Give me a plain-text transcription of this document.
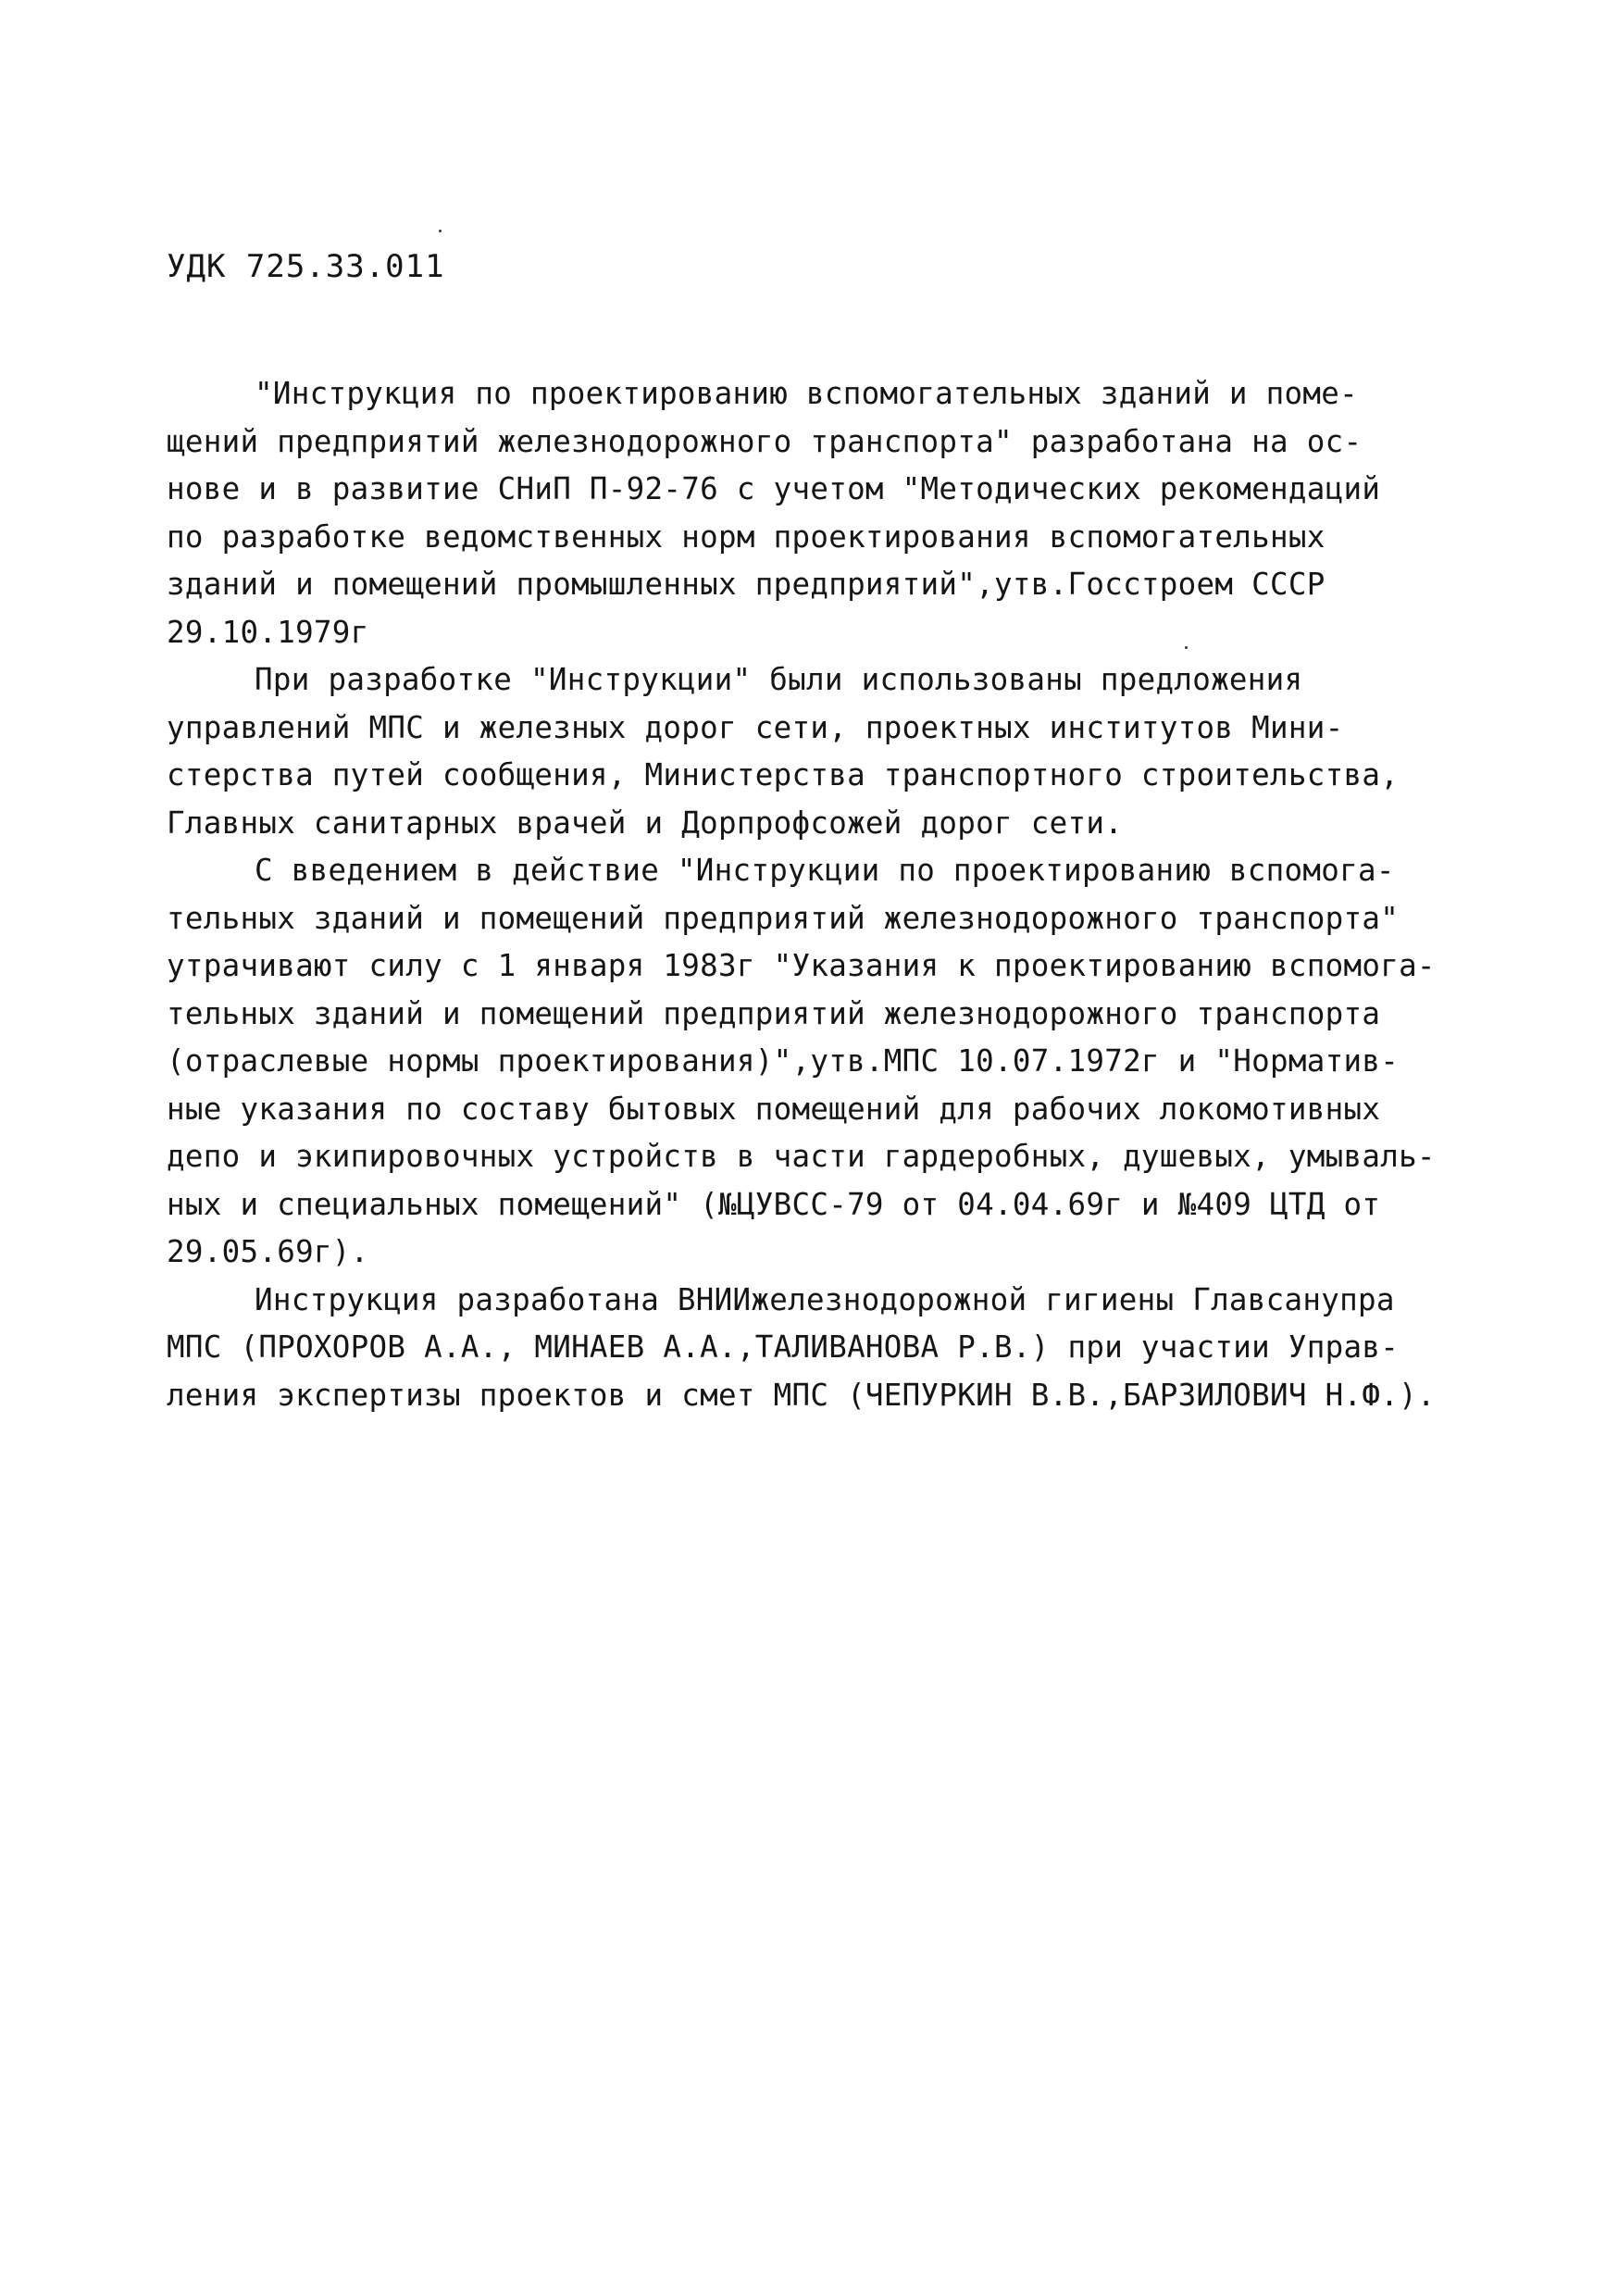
УДК 725.33.011
"Инструкция по проектированию вспомогательных зданий и поме-
щений предприятий железнодорожного транспорта" разработана на ос-
нове и в развитие СНиП П-92-76 с учетом "Методических рекомендаций
по разработке ведомственных норм проектирования вспомогательных
зданий и помещений промышленных предприятий",утв.Госстроем СССР
29.10.1979г
При разработке "Инструкции" были использованы предложения
управлений МПС и железных дорог сети, проектных институтов Мини-
стерства путей сообщения, Министерства транспортного строительства,
Главных санитарных врачей и Дорпрофсожей дорог сети.
С введением в действие "Инструкции по проектированию вспомога-
тельных зданий и помещений предприятий железнодорожного транспорта"
утрачивают силу с 1 января 1983г "Указания к проектированию вспомога-
тельных зданий и помещений предприятий железнодорожного транспорта
(отраслевые нормы проектирования)",утв.МПС 10.07.1972г и "Норматив-
ные указания по составу бытовых помещений для рабочих локомотивных
депо и экипировочных устройств в части гардеробных, душевых, умываль-
ных и специальных помещений" (№ЦУВСС-79 от 04.04.69г и №409 ЦТД от
29.05.69г).
Инструкция разработана ВНИИжелезнодорожной гигиены Главсанупра
МПС (ПРОХОРОВ А.А., МИНАЕВ А.А.,ТАЛИВАНОВА Р.В.) при участии Управ-
ления экспертизы проектов и смет МПС (ЧЕПУРКИН В.В.,БАРЗИЛОВИЧ Н.Ф.).
